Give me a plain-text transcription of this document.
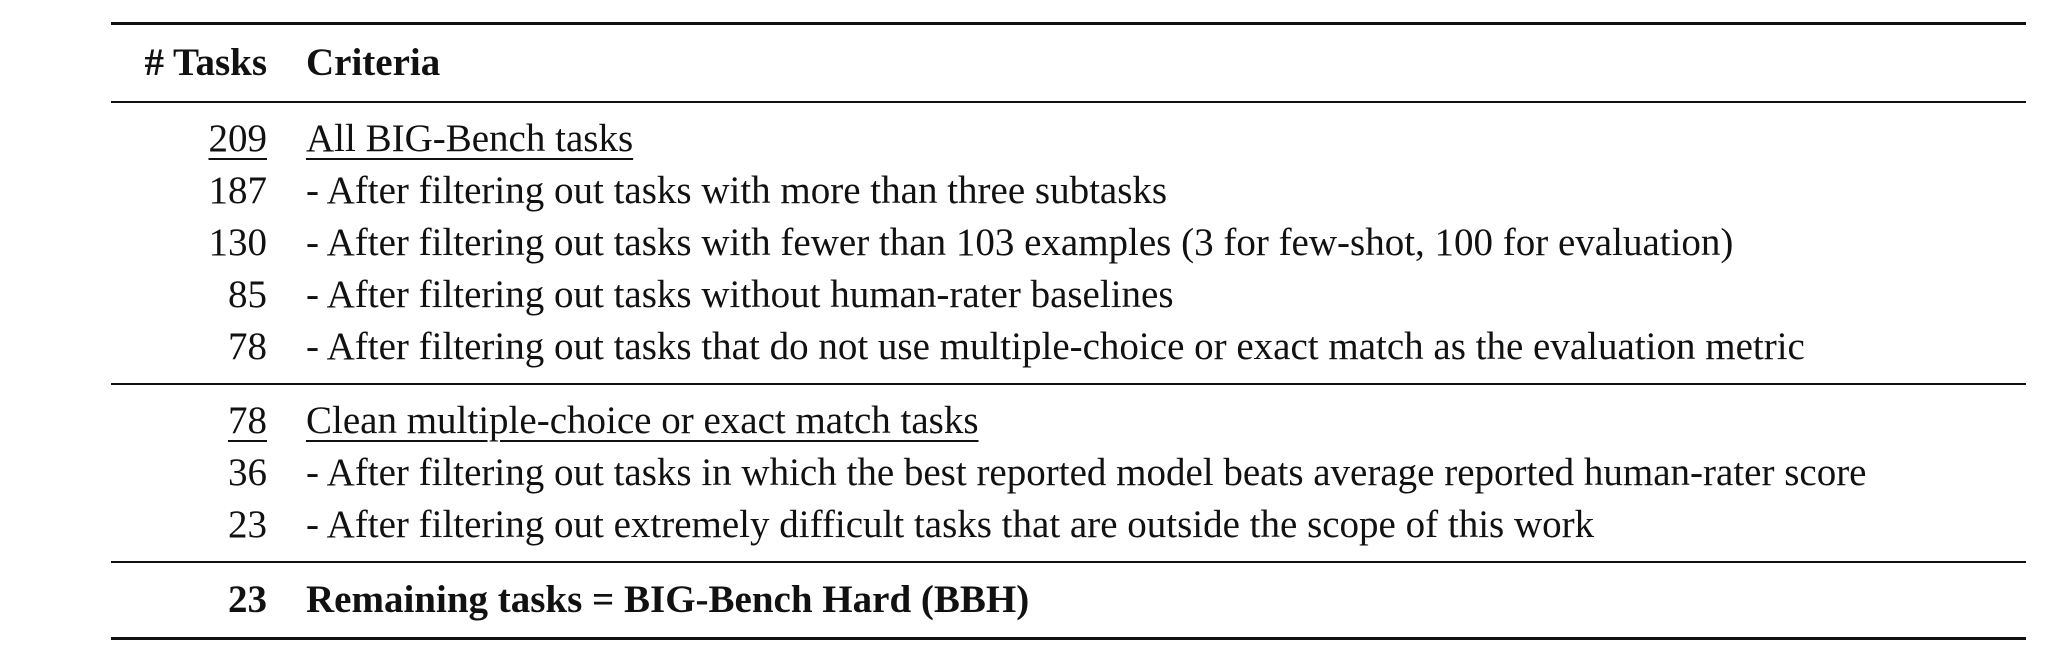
# Tasks	Criteria
209	All BIG-Bench tasks
187	- After filtering out tasks with more than three subtasks
130	- After filtering out tasks with fewer than 103 examples (3 for few-shot, 100 for evaluation)
85	- After filtering out tasks without human-rater baselines
78	- After filtering out tasks that do not use multiple-choice or exact match as the evaluation metric
78	Clean multiple-choice or exact match tasks
36	- After filtering out tasks in which the best reported model beats average reported human-rater score
23	- After filtering out extremely difficult tasks that are outside the scope of this work
23	Remaining tasks = BIG-Bench Hard (BBH)
